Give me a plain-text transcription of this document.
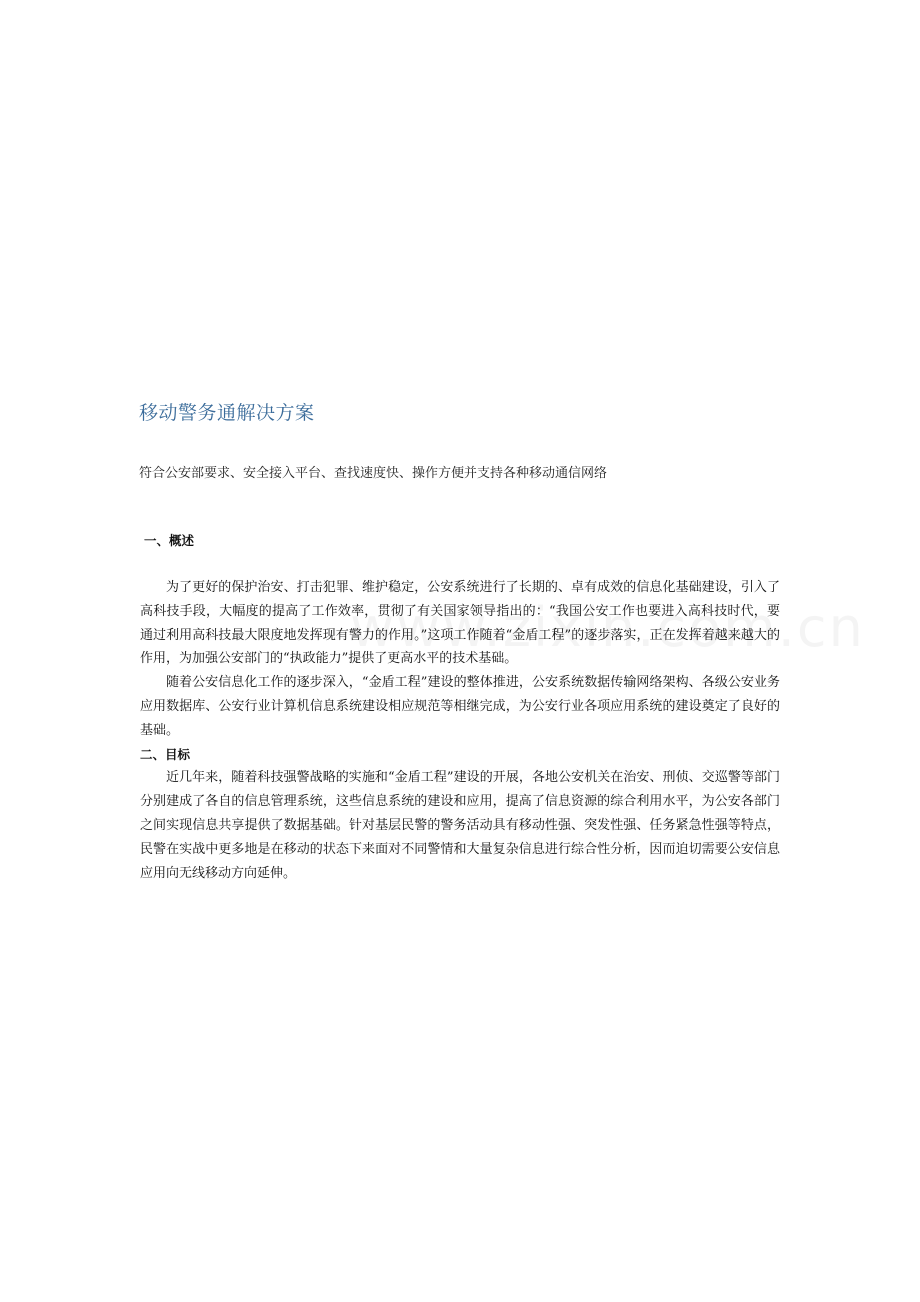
移动警务通解决方案
符合公安部要求、安全接入平台、查找速度快、操作方便并支持各种移动通信网络
一、概述

为了更好的保护治安、打击犯罪、维护稳定，公安系统进行了长期的、卓有成效的信息化基础建设，引入了高科技手段，大幅度的提高了工作效率，贯彻了有关国家领导指出的：“我国公安工作也要进入高科技时代，要通过利用高科技最大限度地发挥现有警力的作用。”这项工作随着“金盾工程”的逐步落实，正在发挥着越来越大的作用，为加强公安部门的“执政能力”提供了更高水平的技术基础。

随着公安信息化工作的逐步深入，“金盾工程”建设的整体推进，公安系统数据传输网络架构、各级公安业务应用数据库、公安行业计算机信息系统建设相应规范等相继完成，为公安行业各项应用系统的建设奠定了良好的基础。

二、目标

近几年来，随着科技强警战略的实施和“金盾工程”建设的开展，各地公安机关在治安、刑侦、交巡警等部门分别建成了各自的信息管理系统，这些信息系统的建设和应用，提高了信息资源的综合利用水平，为公安各部门之间实现信息共享提供了数据基础。针对基层民警的警务活动具有移动性强、突发性强、任务紧急性强等特点，民警在实战中更多地是在移动的状态下来面对不同警情和大量复杂信息进行综合性分析，因而迫切需要公安信息应用向无线移动方向延伸。
